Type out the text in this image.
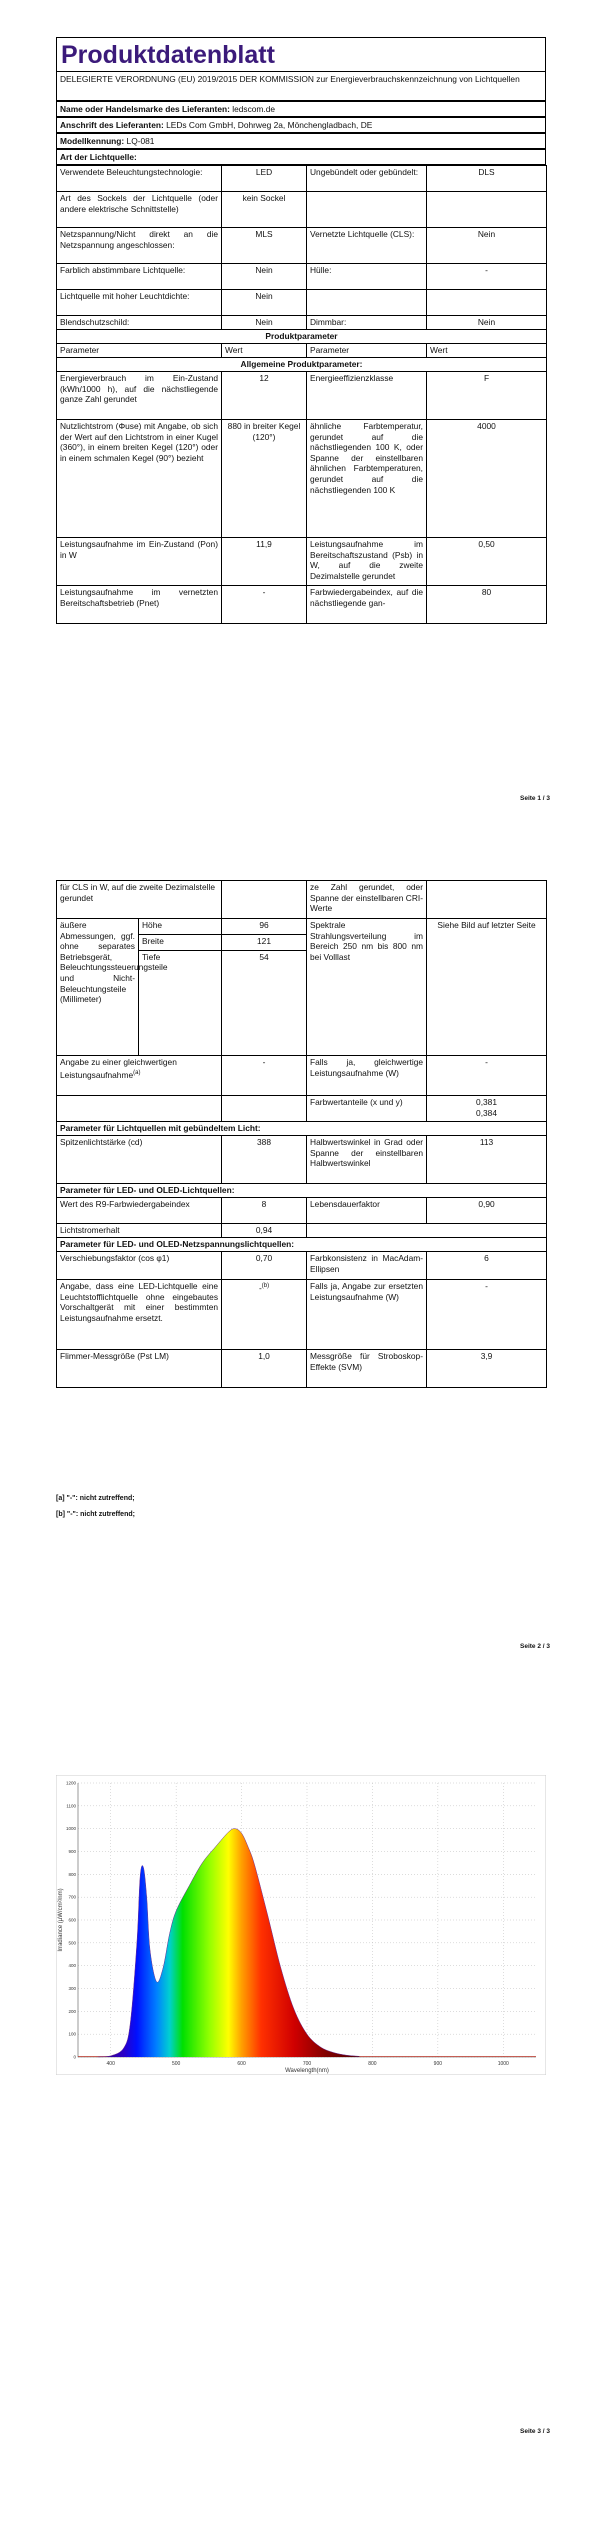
Produktdatenblatt
DELEGIERTE VERORDNUNG (EU) 2019/2015 DER KOMMISSION zur Energieverbrauchskennzeichnung von Lichtquellen
Name oder Handelsmarke des Lieferanten: ledscom.de
Anschrift des Lieferanten: LEDs Com GmbH, Dohrweg 2a, Mönchengladbach, DE
Modellkennung: LQ-081
Art der Lichtquelle:
Verwendete Beleuchtungstechnologie:	LED	Ungebündelt oder gebündelt:	DLS
Art des Sockels der Lichtquelle (oder andere elektrische Schnittstelle)	kein Sockel		
Netzspannung/Nicht direkt an die Netzspannung angeschlossen:	MLS	Vernetzte Lichtquelle (CLS):	Nein
Farblich abstimmbare Lichtquelle:	Nein	Hülle:	-
Lichtquelle mit hoher Leuchtdichte:	Nein		
Blendschutzschild:	Nein	Dimmbar:	Nein
Produktparameter			
Parameter	Wert	Parameter	Wert
Allgemeine Produktparameter:			
Energieverbrauch im Ein-Zustand (kWh/1000 h), auf die nächstliegende ganze Zahl gerundet	12	Energieeffizienzklasse	F
Nutzlichtstrom (Φuse) mit Angabe, ob sich der Wert auf den Lichtstrom in einer Kugel (360°), in einem breiten Kegel (120°) oder in einem schmalen Kegel (90°) bezieht	880 in breiter Kegel (120°)	ähnliche Farbtemperatur, gerundet auf die nächstliegenden 100 K, oder Spanne der einstellbaren ähnlichen Farbtemperaturen, gerundet auf die nächstliegenden 100 K	4000
Leistungsaufnahme im Ein-Zustand (Pon) in W	11,9	Leistungsaufnahme im Bereitschaftszustand (Psb) in W, auf die zweite Dezimalstelle gerundet	0,50
Leistungsaufnahme im vernetzten Bereitschaftsbetrieb (Pnet)	-	Farbwiedergabeindex, auf die nächstliegende gan-	80
Seite 1 / 3
für CLS in W, auf die zweite Dezimalstelle gerundet			ze Zahl gerundet, oder Spanne der einstellbaren CRI-Werte	
äußere Abmessungen, ggf. ohne separates Betriebsgerät, Beleuchtungssteuerungsteile und Nicht-Beleuchtungsteile (Millimeter)	Höhe	96	Spektrale Strahlungsverteilung im Bereich 250 nm bis 800 nm bei Volllast	Siehe Bild auf letzter Seite
	Breite	121		
	Tiefe	54		
Angabe zu einer gleichwertigen Leistungsaufnahme$^{(a)}$		-	Falls ja, gleichwertige Leistungsaufnahme (W)	-
			Farbwertanteile (x und y)	0,381
0,384

Parameter für Lichtquellen mit gebündeltem Licht:				
Spitzenlichtstärke (cd)		388	Halbwertswinkel in Grad oder Spanne der einstellbaren Halbwertswinkel	113
Parameter für LED- und OLED-Lichtquellen:				
Wert des R9-Farbwiedergabeindex		8	Lebensdauerfaktor	0,90
Lichtstromerhalt		0,94		
Parameter für LED- und OLED-Netzspannungslichtquellen:				
Verschiebungsfaktor (cos φ1)		0,70	Farbkonsistenz in MacAdam-Ellipsen	6
Angabe, dass eine LED-Lichtquelle eine Leuchtstofflichtquelle ohne eingebautes Vorschaltgerät mit einer bestimmten Leistungsaufnahme ersetzt.		-$^{(b)}$	Falls ja, Angabe zur ersetzten Leistungsaufnahme (W)	-
Flimmer-Messgröße (Pst LM)		1,0	Messgröße für Stroboskop-Effekte (SVM)	3,9
[a] "-": nicht zutreffend;
[b] "-": nicht zutreffend;
Seite 2 / 3
400	500	600	700	800	900	1000
0
100
200
300
400
500
600
700
800
900
1000
1100
1200
Wavelength(nm)
Irradiance (µW/cm²/nm)
Seite 3 / 3
